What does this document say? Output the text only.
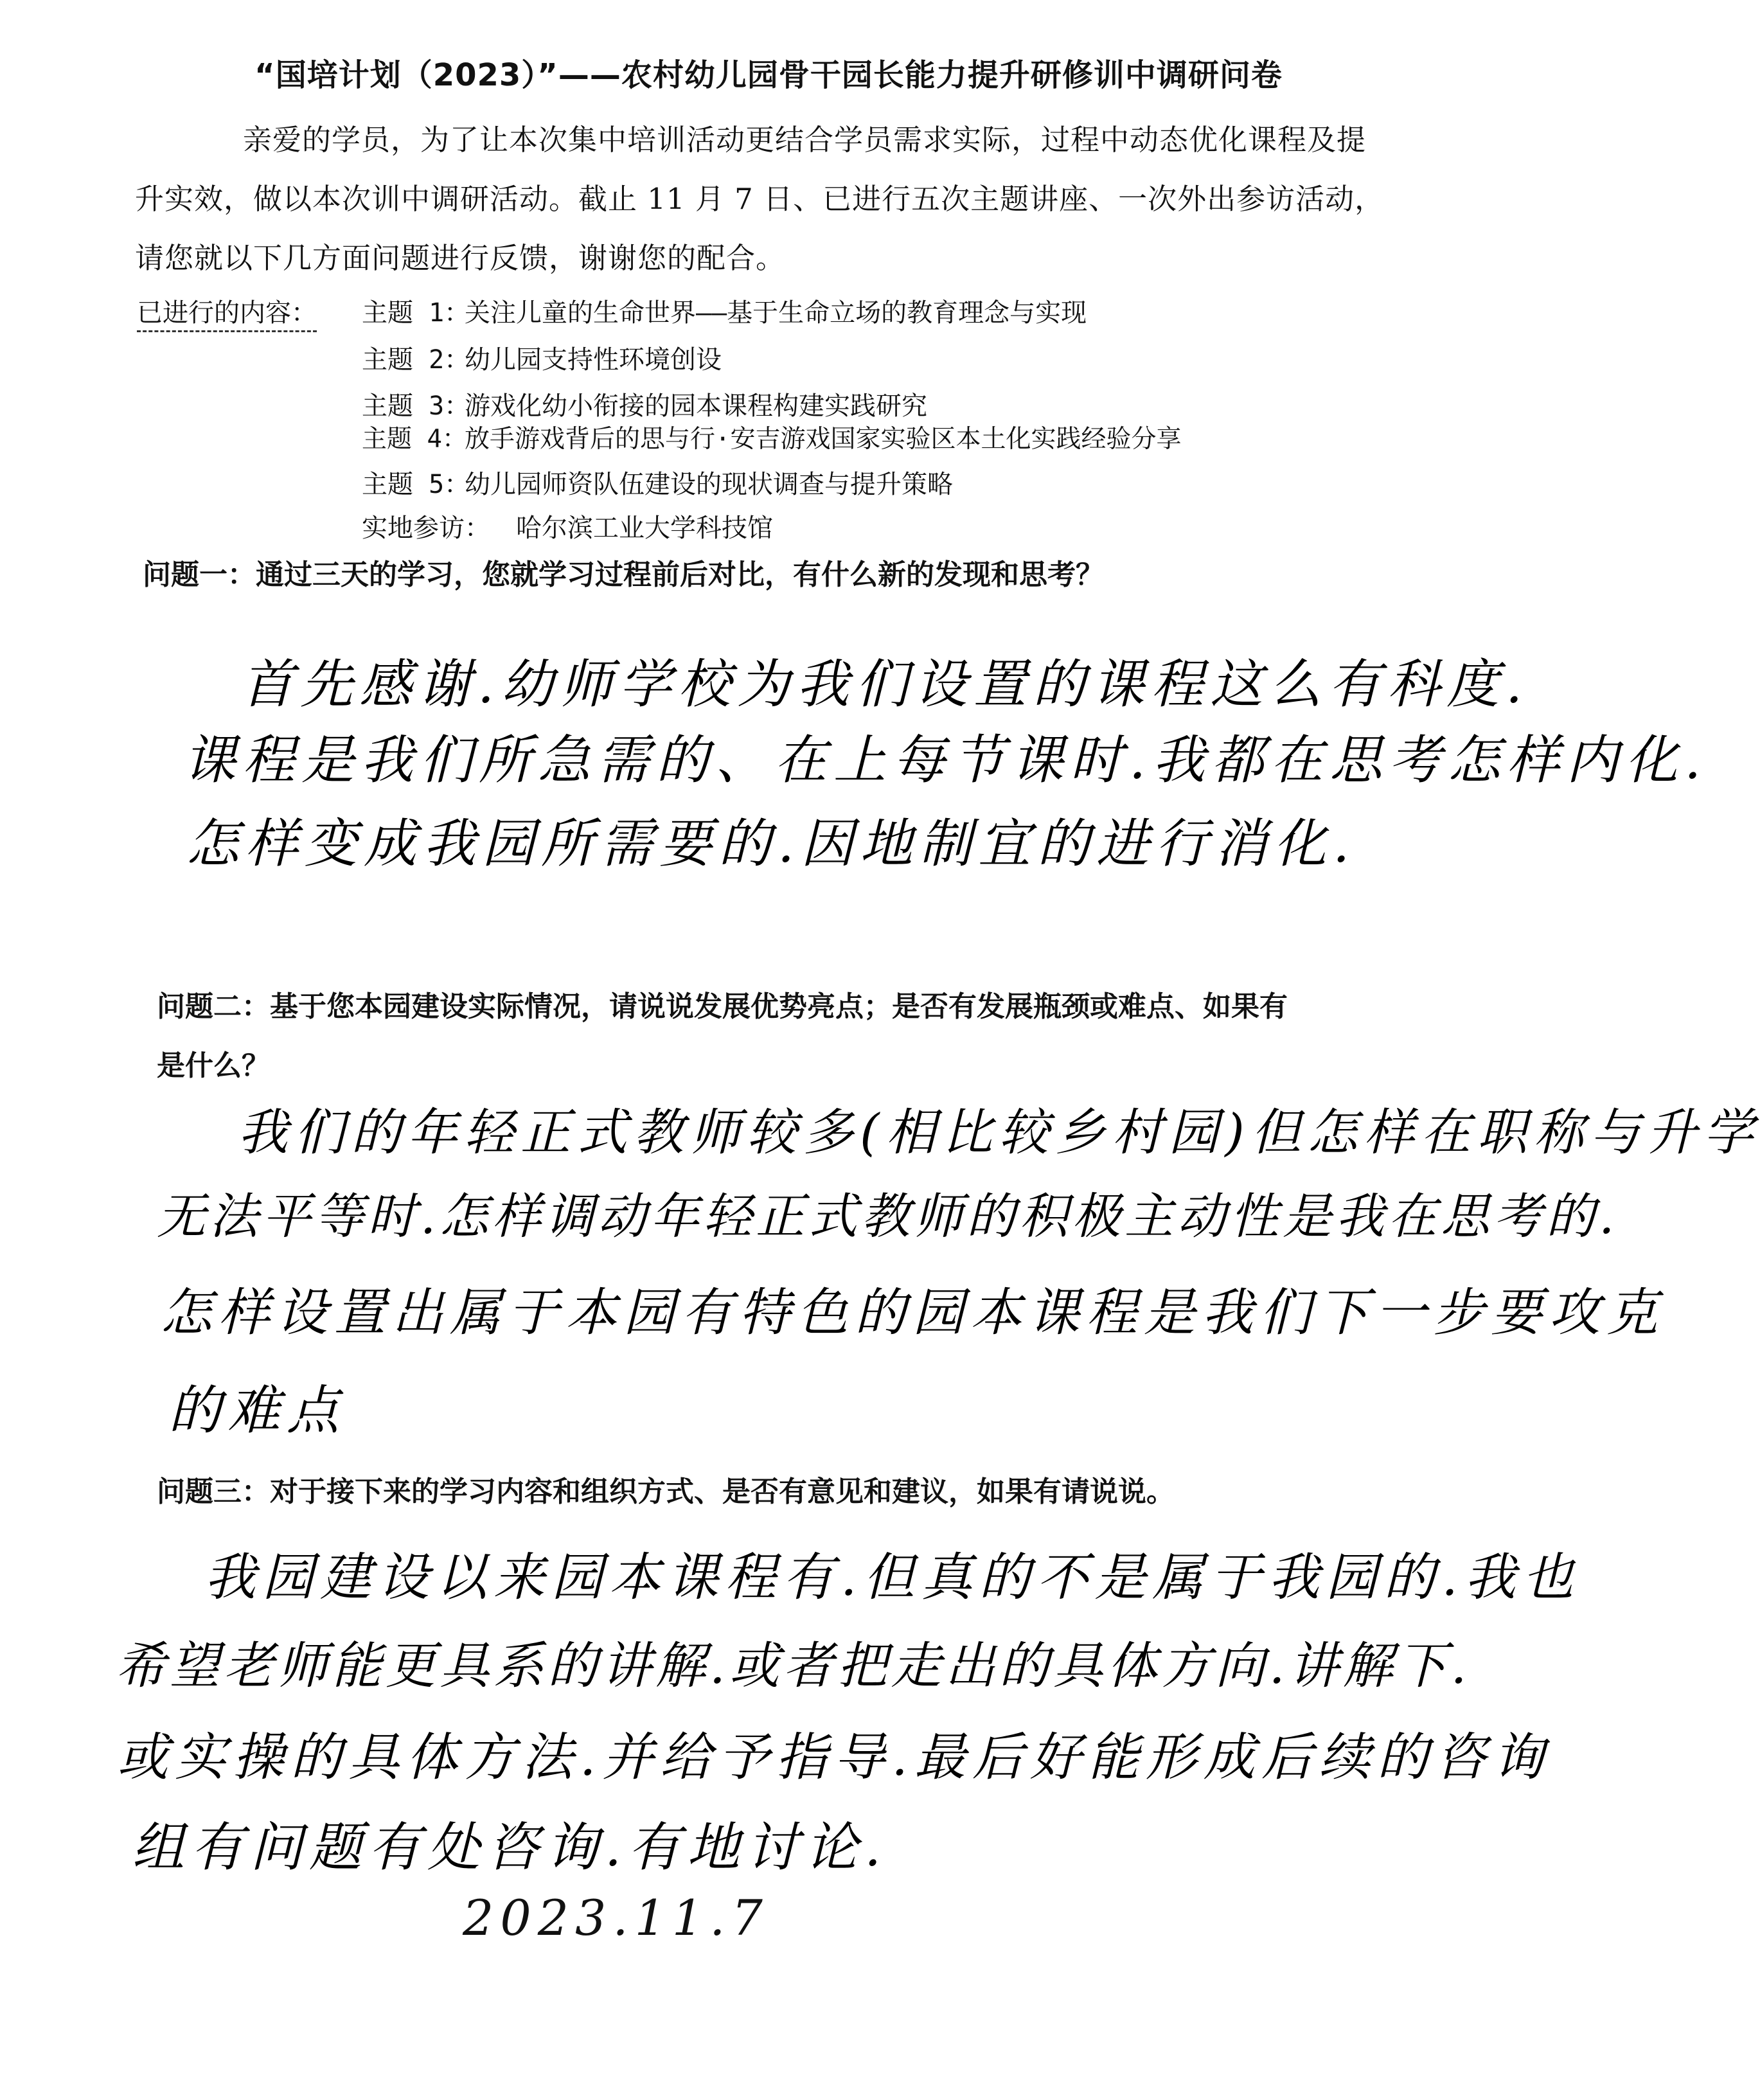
“国培计划（2023）”——农村幼儿园骨干园长能力提升研修训中调研问卷
亲爱的学员，为了让本次集中培训活动更结合学员需求实际，过程中动态优化课程及提升实效，做以本次训中调研活动。截止 11 月 7 日、已进行五次主题讲座、一次外出参访活动，请您就以下几方面问题进行反馈，谢谢您的配合。
已进行的内容： 主题 1：关注儿童的生命世界——基于生命立场的教育理念与实现
主题 2：幼儿园支持性环境创设
主题 3：游戏化幼小衔接的园本课程构建实践研究
主题 4：放手游戏背后的思与行·安吉游戏国家实验区本土化实践经验分享
主题 5：幼儿园师资队伍建设的现状调查与提升策略
实地参访： 哈尔滨工业大学科技馆
问题一：通过三天的学习，您就学习过程前后对比，有什么新的发现和思考？
首先感谢.幼师学校为我们设置的课程这么有科度.
课程是我们所急需的、在上每节课时.我都在思考怎样内化.
怎样变成我园所需要的.因地制宜的进行消化.
问题二：基于您本园建设实际情况，请说说发展优势亮点；是否有发展瓶颈或难点、如果有
是什么？
我们的年轻正式教师较多(相比较乡村园)但怎样在职称与升学
无法平等时.怎样调动年轻正式教师的积极主动性是我在思考的.
怎样设置出属于本园有特色的园本课程是我们下一步要攻克
的难点
问题三：对于接下来的学习内容和组织方式、是否有意见和建议，如果有请说说。
我园建设以来园本课程有.但真的不是属于我园的.我也
希望老师能更具系的讲解.或者把走出的具体方向.讲解下.
或实操的具体方法.并给予指导.最后好能形成后续的咨询
组有问题有处咨询.有地讨论.
2023.11.7
